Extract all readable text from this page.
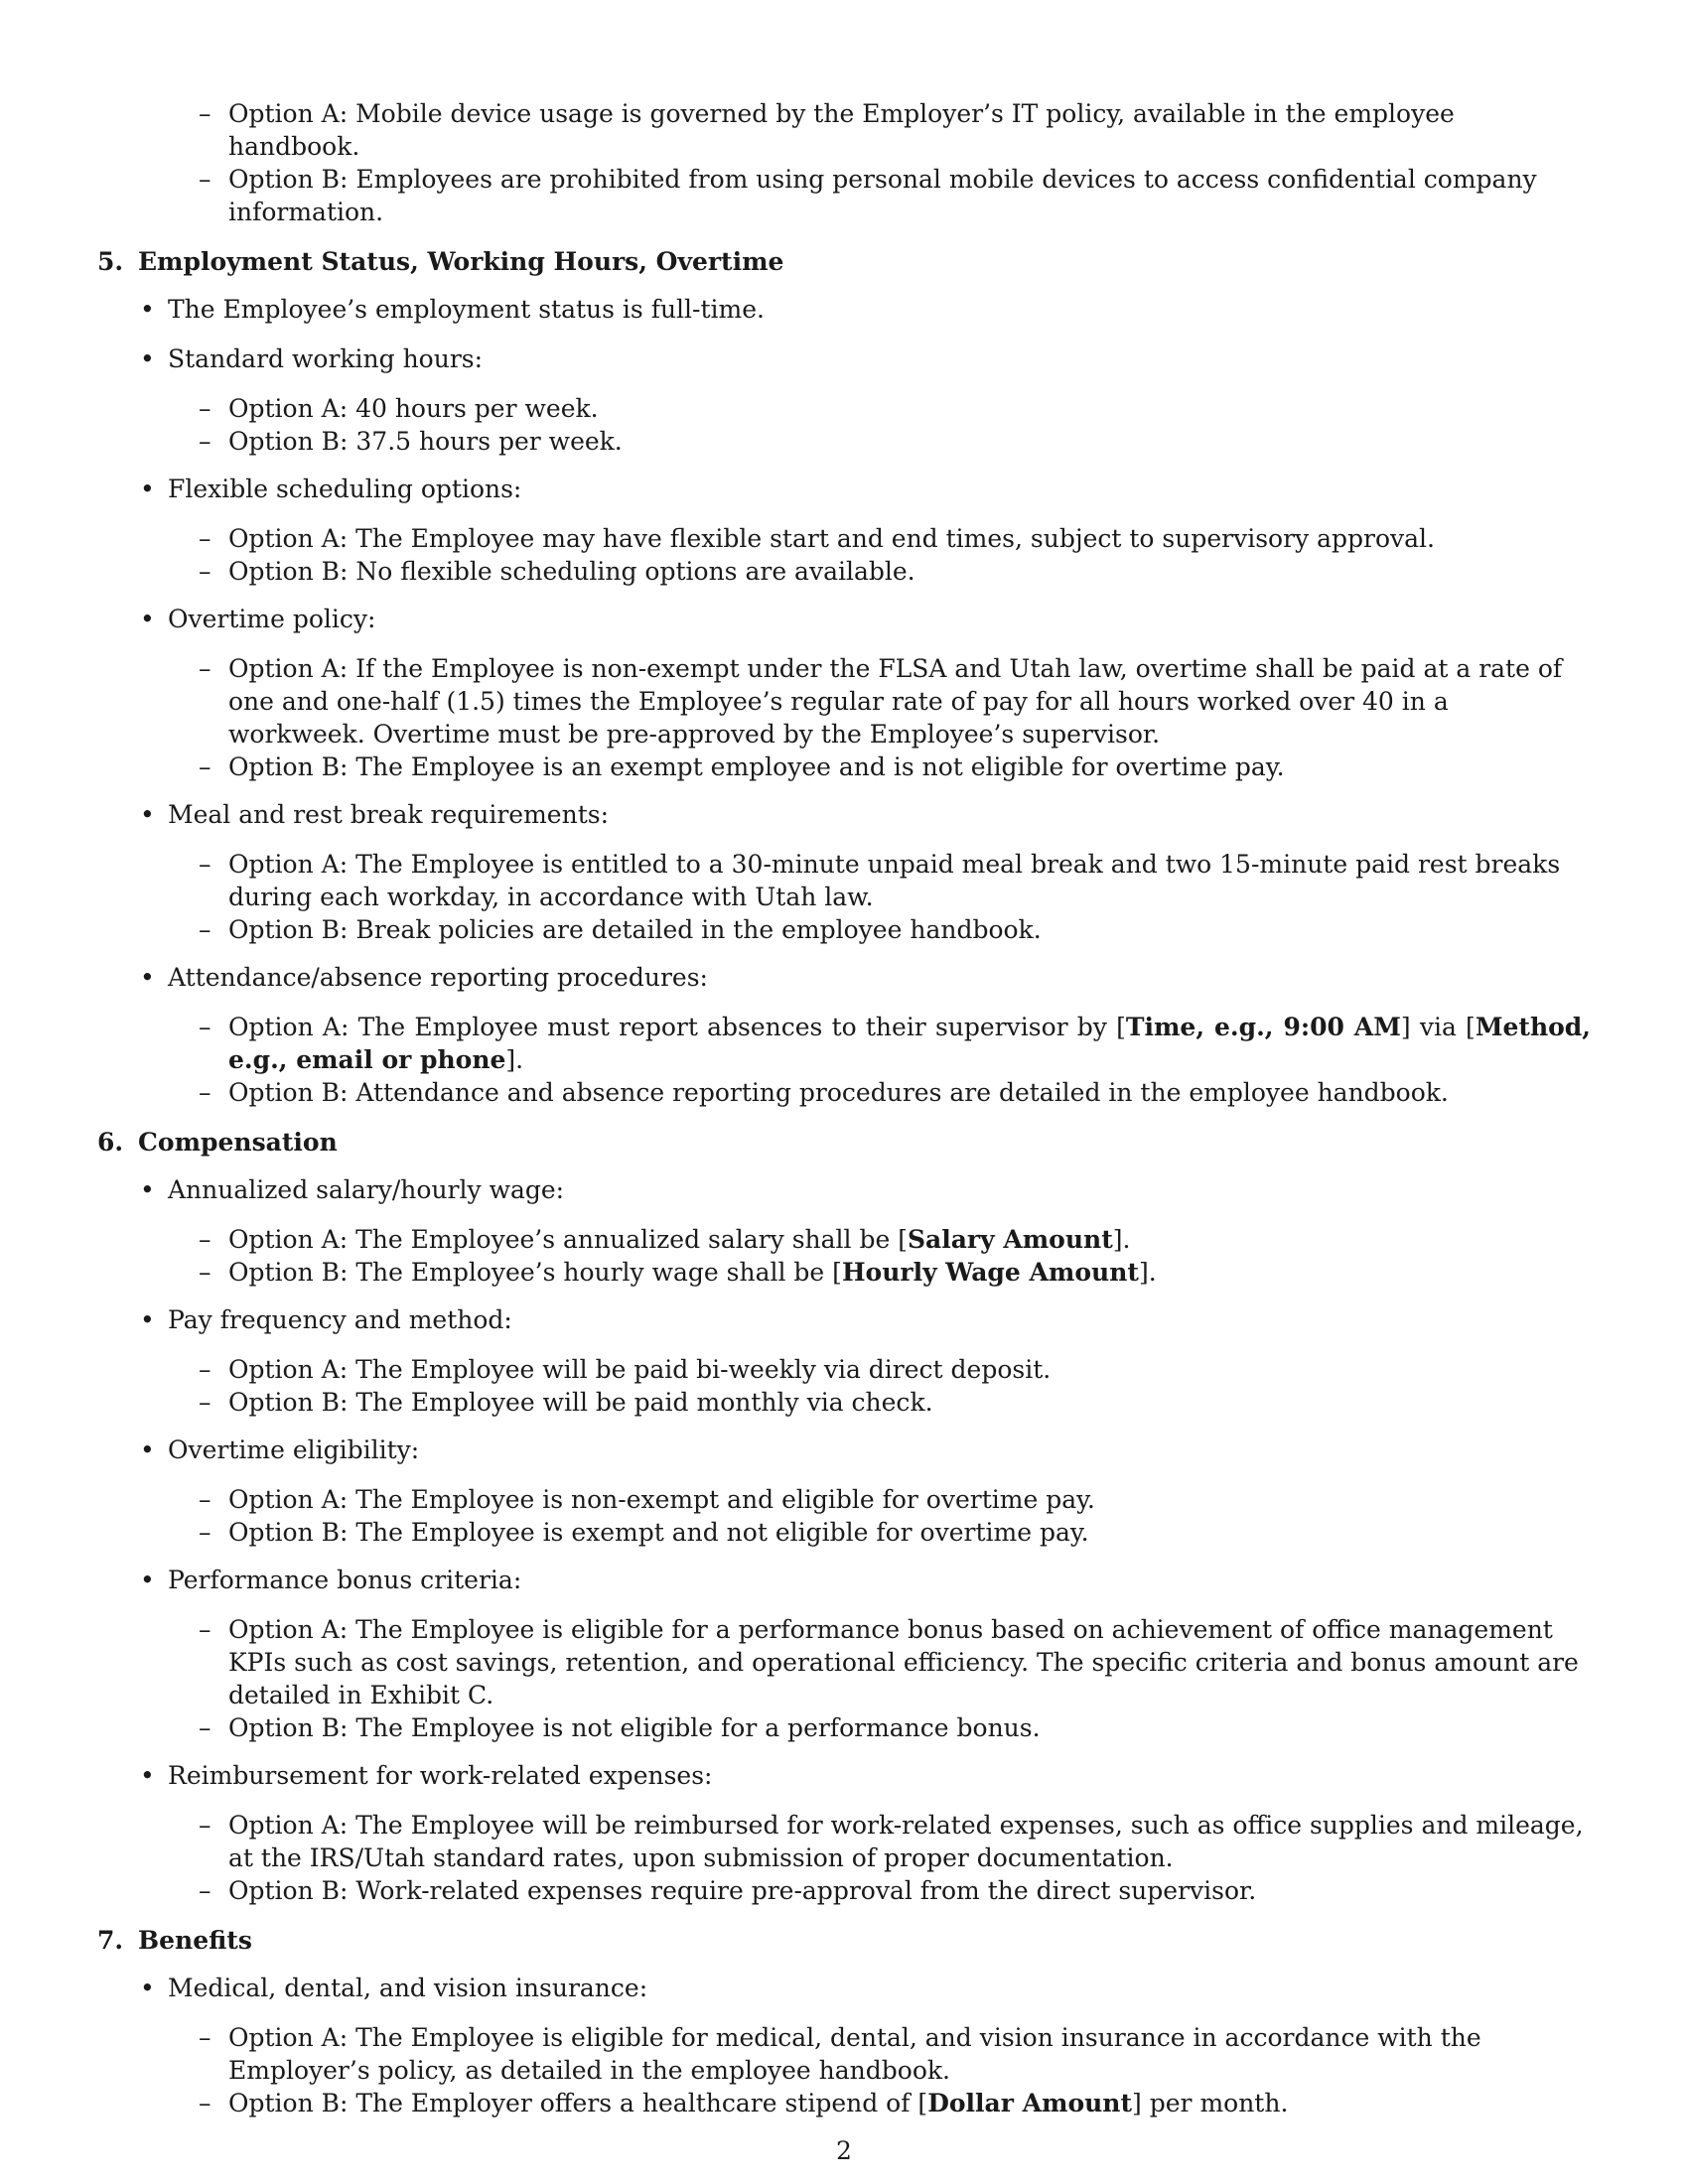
– Option A: Mobile device usage is governed by the Employer’s IT policy, available in the employee handbook.
– Option B: Employees are prohibited from using personal mobile devices to access confidential company information.
5. Employment Status, Working Hours, Overtime
• The Employee’s employment status is full-time.
• Standard working hours:
– Option A: 40 hours per week.
– Option B: 37.5 hours per week.
• Flexible scheduling options:
– Option A: The Employee may have flexible start and end times, subject to supervisory approval.
– Option B: No flexible scheduling options are available.
• Overtime policy:
– Option A: If the Employee is non-exempt under the FLSA and Utah law, overtime shall be paid at a rate of one and one-half (1.5) times the Employee’s regular rate of pay for all hours worked over 40 in a workweek. Overtime must be pre-approved by the Employee’s supervisor.
– Option B: The Employee is an exempt employee and is not eligible for overtime pay.
• Meal and rest break requirements:
– Option A: The Employee is entitled to a 30-minute unpaid meal break and two 15-minute paid rest breaks during each workday, in accordance with Utah law.
– Option B: Break policies are detailed in the employee handbook.
• Attendance/absence reporting procedures:
– Option A: The Employee must report absences to their supervisor by [Time, e.g., 9:00 AM] via [Method, e.g., email or phone].
– Option B: Attendance and absence reporting procedures are detailed in the employee handbook.
6. Compensation
• Annualized salary/hourly wage:
– Option A: The Employee’s annualized salary shall be [Salary Amount].
– Option B: The Employee’s hourly wage shall be [Hourly Wage Amount].
• Pay frequency and method:
– Option A: The Employee will be paid bi-weekly via direct deposit.
– Option B: The Employee will be paid monthly via check.
• Overtime eligibility:
– Option A: The Employee is non-exempt and eligible for overtime pay.
– Option B: The Employee is exempt and not eligible for overtime pay.
• Performance bonus criteria:
– Option A: The Employee is eligible for a performance bonus based on achievement of office management KPIs such as cost savings, retention, and operational efficiency. The specific criteria and bonus amount are detailed in Exhibit C.
– Option B: The Employee is not eligible for a performance bonus.
• Reimbursement for work-related expenses:
– Option A: The Employee will be reimbursed for work-related expenses, such as office supplies and mileage, at the IRS/Utah standard rates, upon submission of proper documentation.
– Option B: Work-related expenses require pre-approval from the direct supervisor.
7. Benefits
• Medical, dental, and vision insurance:
– Option A: The Employee is eligible for medical, dental, and vision insurance in accordance with the Employer’s policy, as detailed in the employee handbook.
– Option B: The Employer offers a healthcare stipend of [Dollar Amount] per month.
2
